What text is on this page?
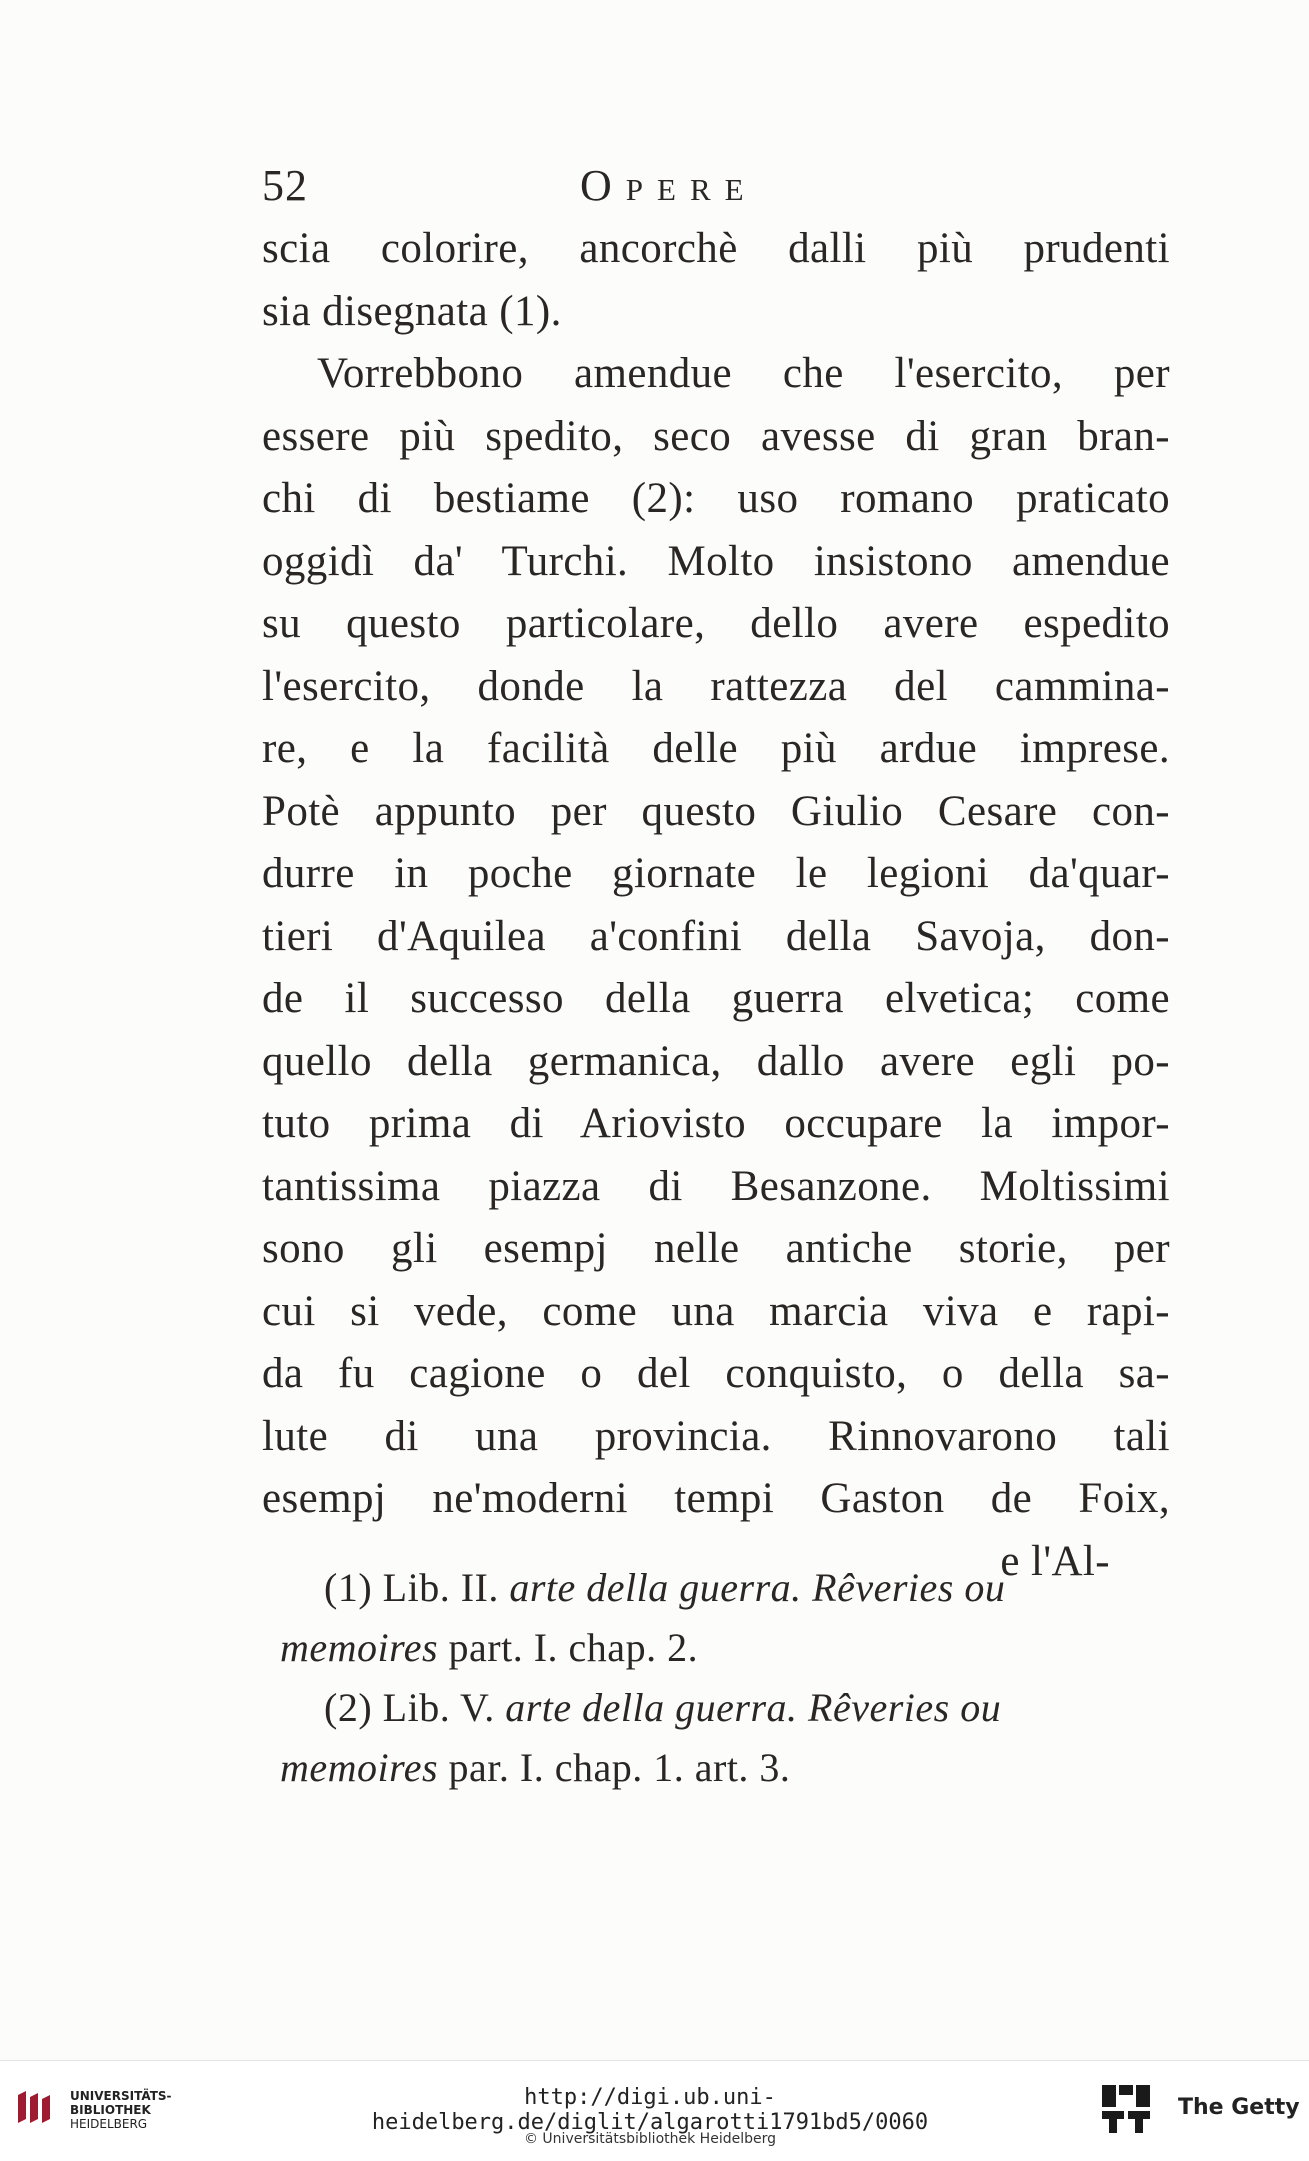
52	Opere
scia colorire, ancorchè dalli più prudenti
sia disegnata (1).
Vorrebbono amendue che l'esercito, per
essere più spedito, seco avesse di gran bran-
chi di bestiame (2): uso romano praticato
oggidì da' Turchi. Molto insistono amendue
su questo particolare, dello avere espedito
l'esercito, donde la rattezza del cammina-
re, e la facilità delle più ardue imprese.
Potè appunto per questo Giulio Cesare con-
durre in poche giornate le legioni da'quar-
tieri d'Aquilea a'confini della Savoja, don-
de il successo della guerra elvetica; come
quello della germanica, dallo avere egli po-
tuto prima di Ariovisto occupare la impor-
tantissima piazza di Besanzone. Moltissimi
sono gli esempj nelle antiche storie, per
cui si vede, come una marcia viva e rapi-
da fu cagione o del conquisto, o della sa-
lute di una provincia. Rinnovarono tali
esempj ne'moderni tempi Gaston de Foix,
e l'Al-
(1) Lib. II. arte della guerra. Rêveries ou
memoires part. I. chap. 2.
(2) Lib. V. arte della guerra. Rêveries ou
memoires par. I. chap. 1. art. 3.
UNIVERSITÄTS-
BIBLIOTHEK
HEIDELBERG
http://digi.ub.uni-heidelberg.de/diglit/algarotti1791bd5/0060
© Universitätsbibliothek Heidelberg
The Getty
